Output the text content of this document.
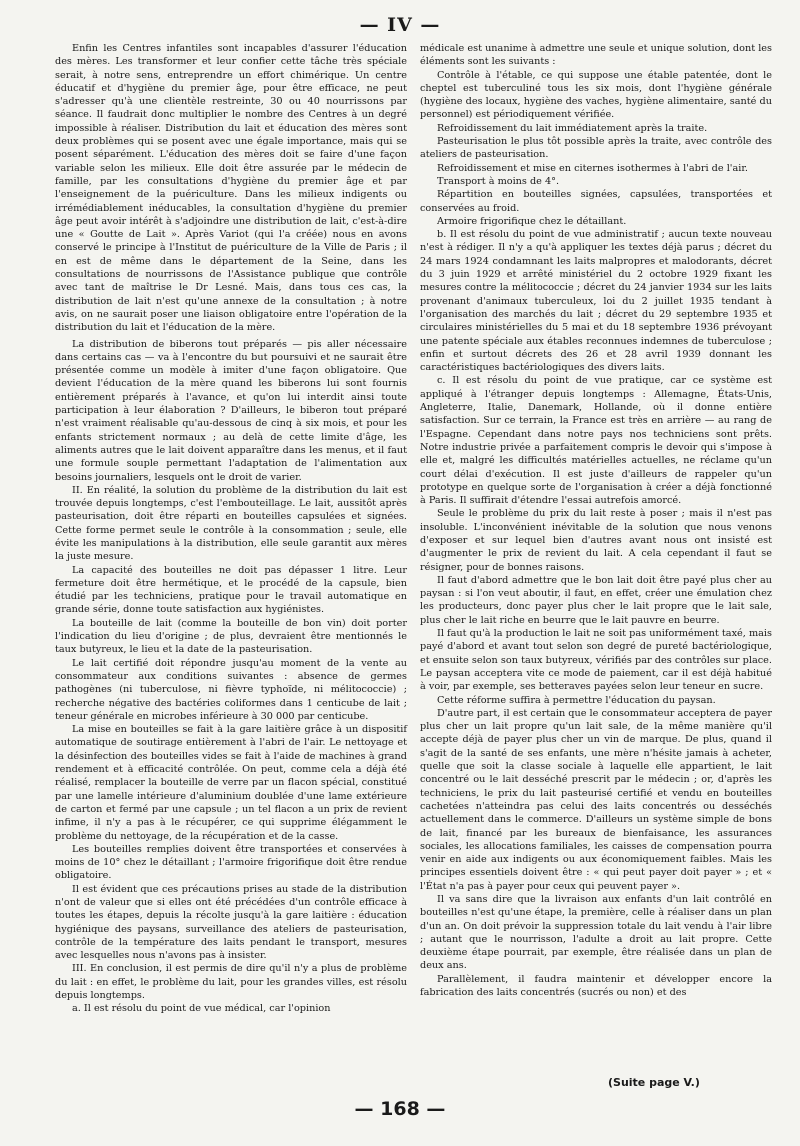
— IV —

Enfin les Centres infantiles sont incapables d'assurer l'éducation des mères. Les transformer et leur confier cette tâche très spéciale serait, à notre sens, entreprendre un effort chimérique. Un centre éducatif et d'hygiène du premier âge, pour être efficace, ne peut s'adresser qu'à une clientèle restreinte, 30 ou 40 nourrissons par séance. Il faudrait donc multiplier le nombre des Centres à un degré impossible à réaliser. Distribution du lait et éducation des mères sont deux problèmes qui se posent avec une égale importance, mais qui se posent séparément. L'éducation des mères doit se faire d'une façon variable selon les milieux. Elle doit être assurée par le médecin de famille, par les consultations d'hygiène du premier âge et par l'enseignement de la puériculture. Dans les milieux indigents ou irrémédiablement inéducables, la consultation d'hygiène du premier âge peut avoir intérêt à s'adjoindre une distribution de lait, c'est-à-dire une « Goutte de Lait ». Après Variot (qui l'a créée) nous en avons conservé le principe à l'Institut de puériculture de la Ville de Paris ; il en est de même dans le département de la Seine, dans les consultations de nourrissons de l'Assistance publique que contrôle avec tant de maîtrise le Dr Lesné. Mais, dans tous ces cas, la distribution de lait n'est qu'une annexe de la consultation ; à notre avis, on ne saurait poser une liaison obligatoire entre l'opération de la distribution du lait et l'éducation de la mère.

La distribution de biberons tout préparés — pis aller nécessaire dans certains cas — va à l'encontre du but poursuivi et ne saurait être présentée comme un modèle à imiter d'une façon obligatoire. Que devient l'éducation de la mère quand les biberons lui sont fournis entièrement préparés à l'avance, et qu'on lui interdit ainsi toute participation à leur élaboration ? D'ailleurs, le biberon tout préparé n'est vraiment réalisable qu'au-dessous de cinq à six mois, et pour les enfants strictement normaux ; au delà de cette limite d'âge, les aliments autres que le lait doivent apparaître dans les menus, et il faut une formule souple permettant l'adaptation de l'alimentation aux besoins journaliers, lesquels ont le droit de varier.

II. En réalité, la solution du problème de la distribution du lait est trouvée depuis longtemps, c'est l'embouteillage. Le lait, aussitôt après pasteurisation, doit être réparti en bouteilles capsulées et signées. Cette forme permet seule le contrôle à la consommation ; seule, elle évite les manipulations à la distribution, elle seule garantit aux mères la juste mesure.

La capacité des bouteilles ne doit pas dépasser 1 litre. Leur fermeture doit être hermétique, et le procédé de la capsule, bien étudié par les techniciens, pratique pour le travail automatique en grande série, donne toute satisfaction aux hygiénistes.

La bouteille de lait (comme la bouteille de bon vin) doit porter l'indication du lieu d'origine ; de plus, devraient être mentionnés le taux butyreux, le lieu et la date de la pasteurisation.

Le lait certifié doit répondre jusqu'au moment de la vente au consommateur aux conditions suivantes : absence de germes pathogènes (ni tuberculose, ni fièvre typhoïde, ni mélitococcie) ; recherche négative des bactéries coliformes dans 1 centicube de lait ; teneur générale en microbes inférieure à 30 000 par centicube.

La mise en bouteilles se fait à la gare laitière grâce à un dispositif automatique de soutirage entièrement à l'abri de l'air. Le nettoyage et la désinfection des bouteilles vides se fait à l'aide de machines à grand rendement et à efficacité contrôlée. On peut, comme cela a déjà été réalisé, remplacer la bouteille de verre par un flacon spécial, constitué par une lamelle intérieure d'aluminium doublée d'une lame extérieure de carton et fermé par une capsule ; un tel flacon a un prix de revient infime, il n'y a pas à le récupérer, ce qui supprime élégamment le problème du nettoyage, de la récupération et de la casse.

Les bouteilles remplies doivent être transportées et conservées à moins de 10° chez le détaillant ; l'armoire frigorifique doit être rendue obligatoire.

Il est évident que ces précautions prises au stade de la distribution n'ont de valeur que si elles ont été précédées d'un contrôle efficace à toutes les étapes, depuis la récolte jusqu'à la gare laitière : éducation hygiénique des paysans, surveillance des ateliers de pasteurisation, contrôle de la température des laits pendant le transport, mesures avec lesquelles nous n'avons pas à insister.

III. En conclusion, il est permis de dire qu'il n'y a plus de problème du lait : en effet, le problème du lait, pour les grandes villes, est résolu depuis longtemps.

a. Il est résolu du point de vue médical, car l'opinion

médicale est unanime à admettre une seule et unique solution, dont les éléments sont les suivants :

Contrôle à l'étable, ce qui suppose une étable patentée, dont le cheptel est tuberculiné tous les six mois, dont l'hygiène générale (hygiène des locaux, hygiène des vaches, hygiène alimentaire, santé du personnel) est périodiquement vérifiée.

Refroidissement du lait immédiatement après la traite.

Pasteurisation le plus tôt possible après la traite, avec contrôle des ateliers de pasteurisation.

Refroidissement et mise en citernes isothermes à l'abri de l'air.

Transport à moins de 4°.

Répartition en bouteilles signées, capsulées, transportées et conservées au froid.

Armoire frigorifique chez le détaillant.

b. Il est résolu du point de vue administratif ; aucun texte nouveau n'est à rédiger. Il n'y a qu'à appliquer les textes déjà parus ; décret du 24 mars 1924 condamnant les laits malpropres et malodorants, décret du 3 juin 1929 et arrêté ministériel du 2 octobre 1929 fixant les mesures contre la mélitococcie ; décret du 24 janvier 1934 sur les laits provenant d'animaux tuberculeux, loi du 2 juillet 1935 tendant à l'organisation des marchés du lait ; décret du 29 septembre 1935 et circulaires ministérielles du 5 mai et du 18 septembre 1936 prévoyant une patente spéciale aux étables reconnues indemnes de tuberculose ; enfin et surtout décrets des 26 et 28 avril 1939 donnant les caractéristiques bactériologiques des divers laits.

c. Il est résolu du point de vue pratique, car ce système est appliqué à l'étranger depuis longtemps : Allemagne, États-Unis, Angleterre, Italie, Danemark, Hollande, où il donne entière satisfaction. Sur ce terrain, la France est très en arrière — au rang de l'Espagne. Cependant dans notre pays nos techniciens sont prêts. Notre industrie privée a parfaitement compris le devoir qui s'impose à elle et, malgré les difficultés matérielles actuelles, ne réclame qu'un court délai d'exécution. Il est juste d'ailleurs de rappeler qu'un prototype en quelque sorte de l'organisation à créer a déjà fonctionné à Paris. Il suffirait d'étendre l'essai autrefois amorcé.

Seule le problème du prix du lait reste à poser ; mais il n'est pas insoluble. L'inconvénient inévitable de la solution que nous venons d'exposer et sur lequel bien d'autres avant nous ont insisté est d'augmenter le prix de revient du lait. A cela cependant il faut se résigner, pour de bonnes raisons.

Il faut d'abord admettre que le bon lait doit être payé plus cher au paysan : si l'on veut aboutir, il faut, en effet, créer une émulation chez les producteurs, donc payer plus cher le lait propre que le lait sale, plus cher le lait riche en beurre que le lait pauvre en beurre.

Il faut qu'à la production le lait ne soit pas uniformément taxé, mais payé d'abord et avant tout selon son degré de pureté bactériologique, et ensuite selon son taux butyreux, vérifiés par des contrôles sur place. Le paysan acceptera vite ce mode de paiement, car il est déjà habitué à voir, par exemple, ses betteraves payées selon leur teneur en sucre.

Cette réforme suffira à permettre l'éducation du paysan.

D'autre part, il est certain que le consommateur acceptera de payer plus cher un lait propre qu'un lait sale, de la même manière qu'il accepte déjà de payer plus cher un vin de marque. De plus, quand il s'agit de la santé de ses enfants, une mère n'hésite jamais à acheter, quelle que soit la classe sociale à laquelle elle appartient, le lait concentré ou le lait desséché prescrit par le médecin ; or, d'après les techniciens, le prix du lait pasteurisé certifié et vendu en bouteilles cachetées n'atteindra pas celui des laits concentrés ou desséchés actuellement dans le commerce. D'ailleurs un système simple de bons de lait, financé par les bureaux de bienfaisance, les assurances sociales, les allocations familiales, les caisses de compensation pourra venir en aide aux indigents ou aux économiquement faibles. Mais les principes essentiels doivent être : « qui peut payer doit payer » ; et « l'État n'a pas à payer pour ceux qui peuvent payer ».

Il va sans dire que la livraison aux enfants d'un lait contrôlé en bouteilles n'est qu'une étape, la première, celle à réaliser dans un plan d'un an. On doit prévoir la suppression totale du lait vendu à l'air libre ; autant que le nourrisson, l'adulte a droit au lait propre. Cette deuxième étape pourrait, par exemple, être réalisée dans un plan de deux ans.

Parallèlement, il faudra maintenir et développer encore la fabrication des laits concentrés (sucrés ou non) et des

(Suite page V.)
— 168 —
